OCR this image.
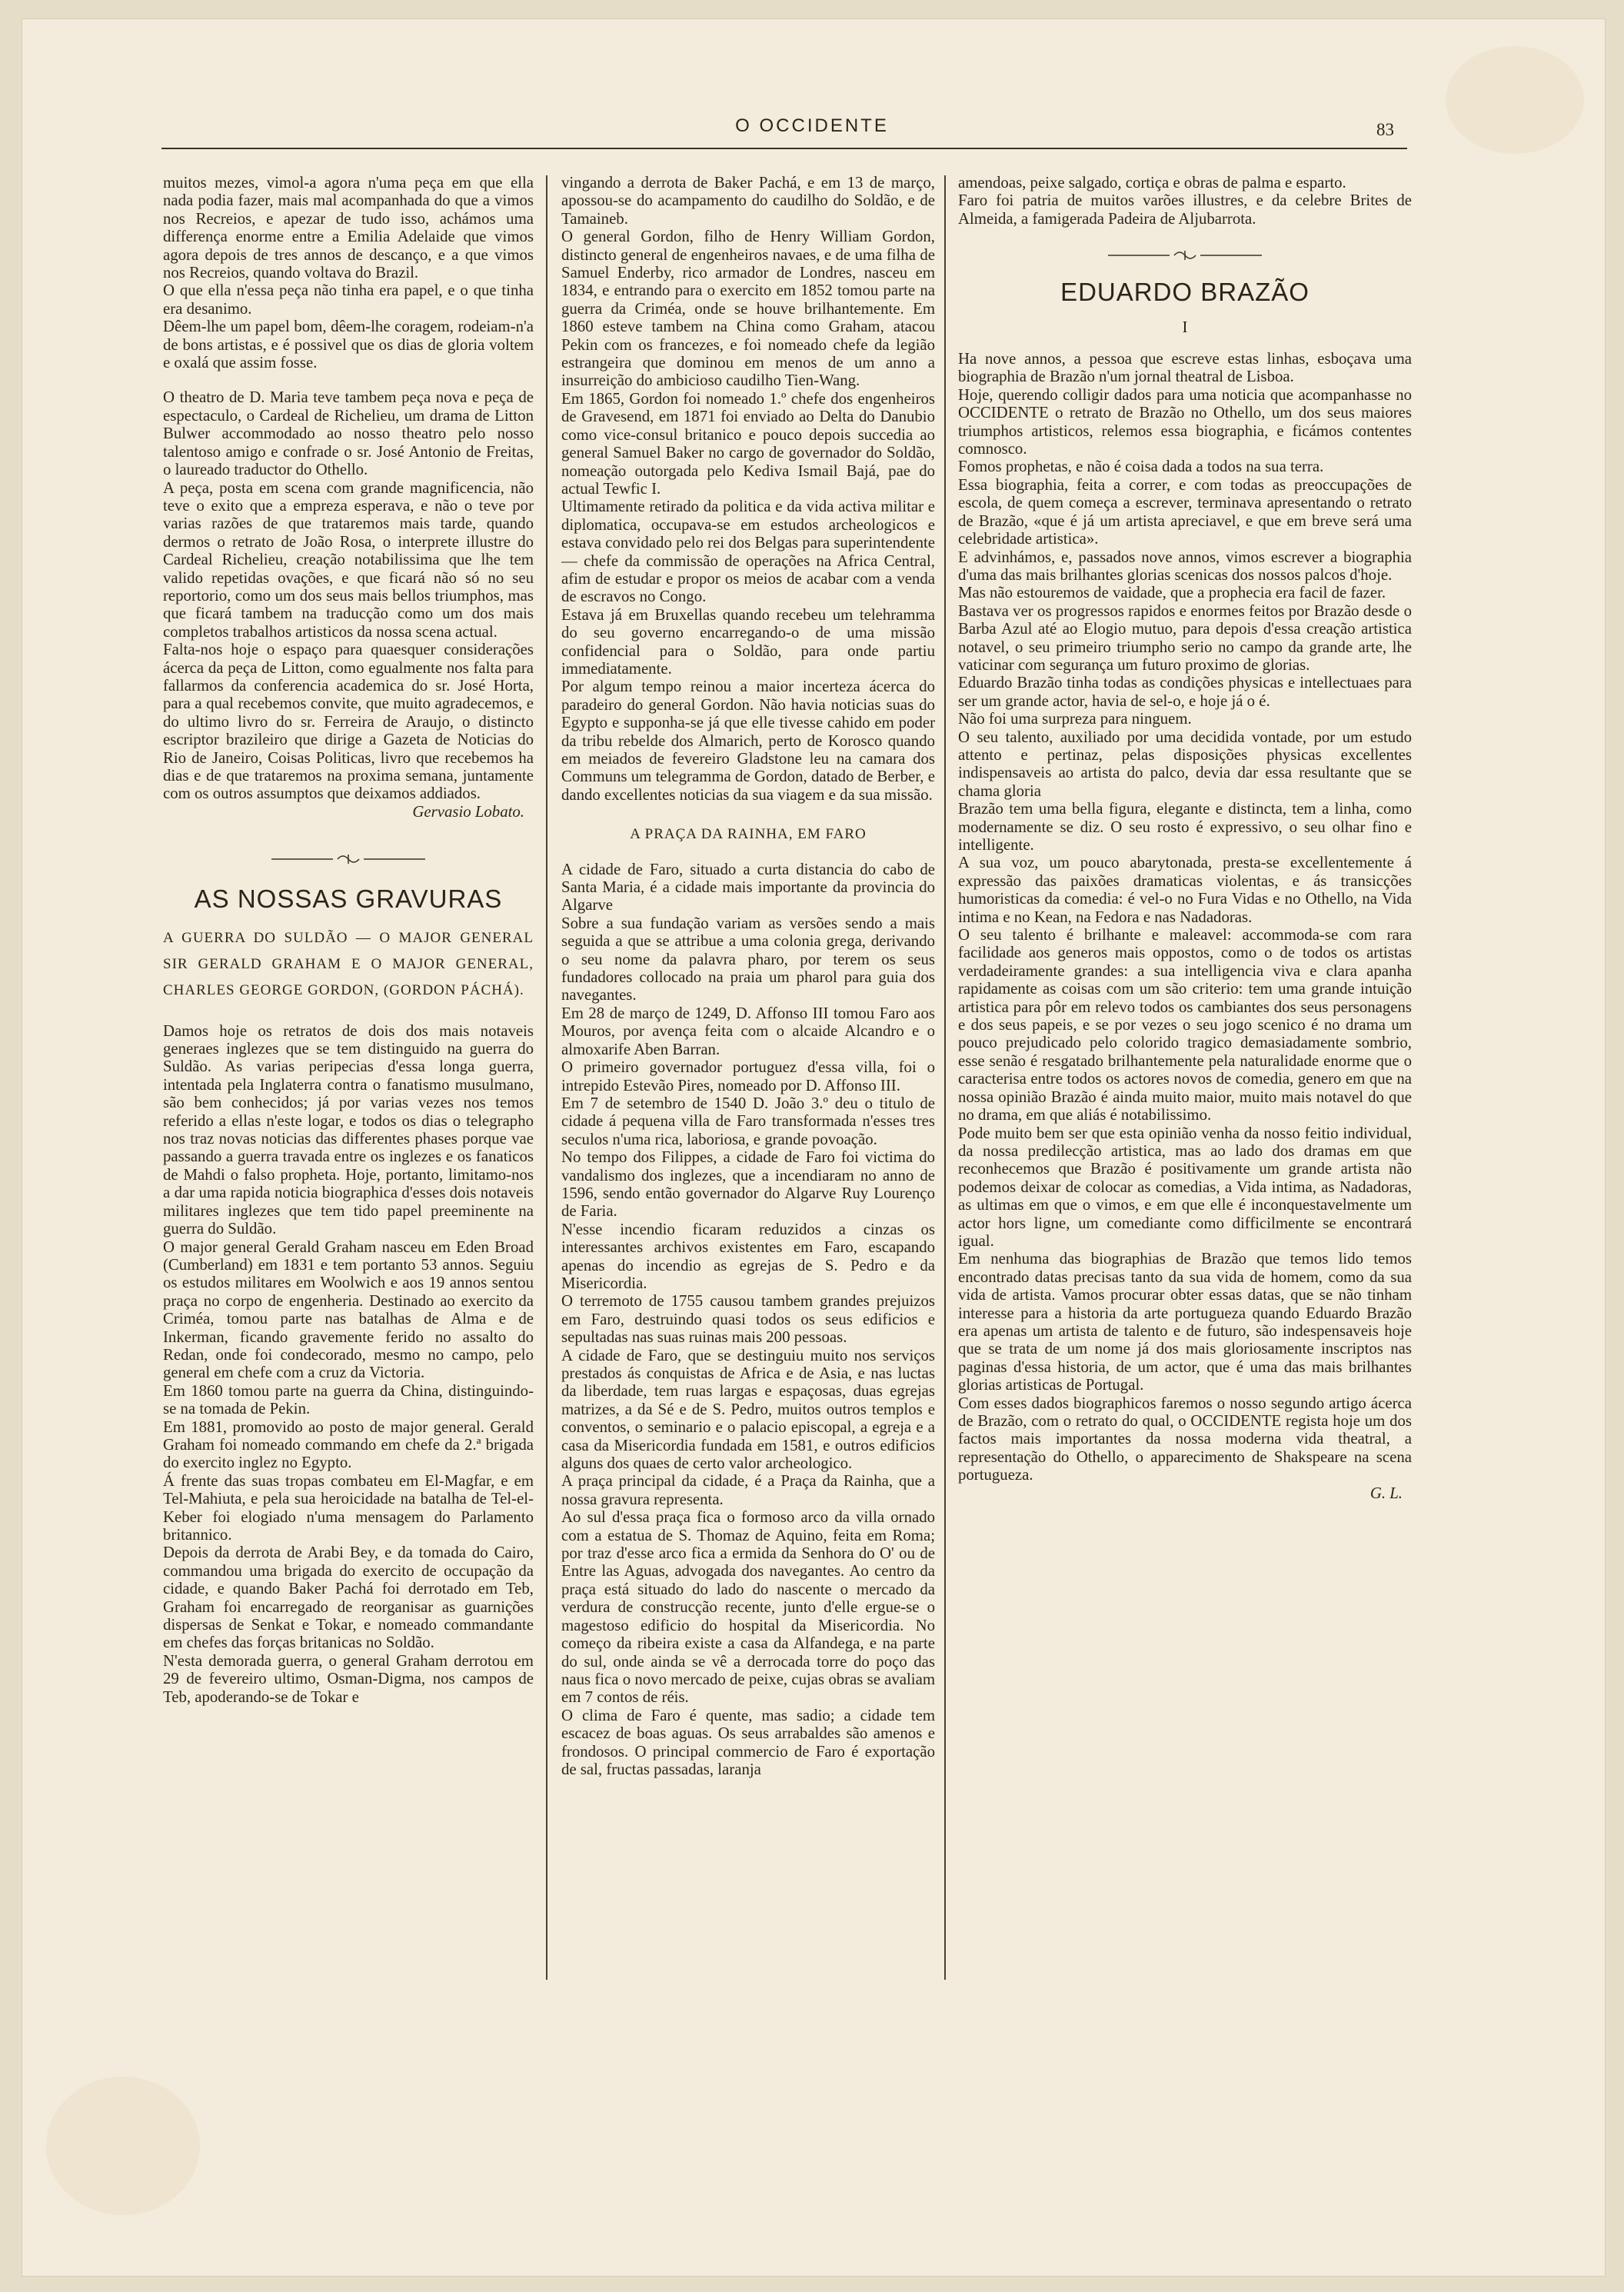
O OCCIDENTE	83

muitos mezes, vimol-a agora n'uma peça em que ella nada podia fazer, mais mal acompanhada do que a vimos nos Recreios, e apezar de tudo isso, achámos uma differença enorme entre a Emilia Adelaide que vimos agora depois de tres annos de descanço, e a que vimos nos Recreios, quando voltava do Brazil.

O que ella n'essa peça não tinha era papel, e o que tinha era desanimo.

Dêem-lhe um papel bom, dêem-lhe coragem, rodeiam-n'a de bons artistas, e é possivel que os dias de gloria voltem e oxalá que assim fosse.

O theatro de D. Maria teve tambem peça nova e peça de espectaculo, o Cardeal de Richelieu, um drama de Litton Bulwer accommodado ao nosso theatro pelo nosso talentoso amigo e confrade o sr. José Antonio de Freitas, o laureado traductor do Othello.

A peça, posta em scena com grande magnificencia, não teve o exito que a empreza esperava, e não o teve por varias razões de que trataremos mais tarde, quando dermos o retrato de João Rosa, o interprete illustre do Cardeal Richelieu, creação notabilissima que lhe tem valido repetidas ovações, e que ficará não só no seu reportorio, como um dos seus mais bellos triumphos, mas que ficará tambem na traducção como um dos mais completos trabalhos artisticos da nossa scena actual.

Falta-nos hoje o espaço para quaesquer considerações ácerca da peça de Litton, como egualmente nos falta para fallarmos da conferencia academica do sr. José Horta, para a qual recebemos convite, que muito agradecemos, e do ultimo livro do sr. Ferreira de Araujo, o distincto escriptor brazileiro que dirige a Gazeta de Noticias do Rio de Janeiro, Coisas Politicas, livro que recebemos ha dias e de que trataremos na proxima semana, juntamente com os outros assumptos que deixamos addiados.

Gervasio Lobato.

AS NOSSAS GRAVURAS
A GUERRA DO SULDÃO — O MAJOR GENERAL SIR GERALD GRAHAM E O MAJOR GENERAL, CHARLES GEORGE GORDON, (GORDON PÁCHÁ).

Damos hoje os retratos de dois dos mais notaveis generaes inglezes que se tem distinguido na guerra do Suldão. As varias peripecias d'essa longa guerra, intentada pela Inglaterra contra o fanatismo musulmano, são bem conhecidos; já por varias vezes nos temos referido a ellas n'este logar, e todos os dias o telegrapho nos traz novas noticias das differentes phases porque vae passando a guerra travada entre os inglezes e os fanaticos de Mahdi o falso propheta. Hoje, portanto, limitamo-nos a dar uma rapida noticia biographica d'esses dois notaveis militares inglezes que tem tido papel preeminente na guerra do Suldão.

O major general Gerald Graham nasceu em Eden Broad (Cumberland) em 1831 e tem portanto 53 annos. Seguiu os estudos militares em Woolwich e aos 19 annos sentou praça no corpo de engenheria. Destinado ao exercito da Criméa, tomou parte nas batalhas de Alma e de Inkerman, ficando gravemente ferido no assalto do Redan, onde foi condecorado, mesmo no campo, pelo general em chefe com a cruz da Victoria.

Em 1860 tomou parte na guerra da China, distinguindo-se na tomada de Pekin.

Em 1881, promovido ao posto de major general. Gerald Graham foi nomeado commando em chefe da 2.ª brigada do exercito inglez no Egypto.

Á frente das suas tropas combateu em El-Magfar, e em Tel-Mahiuta, e pela sua heroicidade na batalha de Tel-el-Keber foi elogiado n'uma mensagem do Parlamento britannico.

Depois da derrota de Arabi Bey, e da tomada do Cairo, commandou uma brigada do exercito de occupação da cidade, e quando Baker Pachá foi derrotado em Teb, Graham foi encarregado de reorganisar as guarnições dispersas de Senkat e Tokar, e nomeado commandante em chefes das forças britanicas no Soldão.

N'esta demorada guerra, o general Graham derrotou em 29 de fevereiro ultimo, Osman-Digma, nos campos de Teb, apoderando-se de Tokar e

vingando a derrota de Baker Pachá, e em 13 de março, apossou-se do acampamento do caudilho do Soldão, e de Tamaineb.

O general Gordon, filho de Henry William Gordon, distincto general de engenheiros navaes, e de uma filha de Samuel Enderby, rico armador de Londres, nasceu em 1834, e entrando para o exercito em 1852 tomou parte na guerra da Criméa, onde se houve brilhantemente. Em 1860 esteve tambem na China como Graham, atacou Pekin com os francezes, e foi nomeado chefe da legião estrangeira que dominou em menos de um anno a insurreição do ambicioso caudilho Tien-Wang.

Em 1865, Gordon foi nomeado 1.º chefe dos engenheiros de Gravesend, em 1871 foi enviado ao Delta do Danubio como vice-consul britanico e pouco depois succedia ao general Samuel Baker no cargo de governador do Soldão, nomeação outorgada pelo Kediva Ismail Bajá, pae do actual Tewfic I.

Ultimamente retirado da politica e da vida activa militar e diplomatica, occupava-se em estudos archeologicos e estava convidado pelo rei dos Belgas para superintendente — chefe da commissão de operações na Africa Central, afim de estudar e propor os meios de acabar com a venda de escravos no Congo.

Estava já em Bruxellas quando recebeu um telehramma do seu governo encarregando-o de uma missão confidencial para o Soldão, para onde partiu immediatamente.

Por algum tempo reinou a maior incerteza ácerca do paradeiro do general Gordon. Não havia noticias suas do Egypto e supponha-se já que elle tivesse cahido em poder da tribu rebelde dos Almarich, perto de Korosco quando em meiados de fevereiro Gladstone leu na camara dos Communs um telegramma de Gordon, datado de Berber, e dando excellentes noticias da sua viagem e da sua missão.

A PRAÇA DA RAINHA, EM FARO

A cidade de Faro, situado a curta distancia do cabo de Santa Maria, é a cidade mais importante da provincia do Algarve

Sobre a sua fundação variam as versões sendo a mais seguida a que se attribue a uma colonia grega, derivando o seu nome da palavra pharo, por terem os seus fundadores collocado na praia um pharol para guia dos navegantes.

Em 28 de março de 1249, D. Affonso III tomou Faro aos Mouros, por avença feita com o alcaide Alcandro e o almoxarife Aben Barran.

O primeiro governador portuguez d'essa villa, foi o intrepido Estevão Pires, nomeado por D. Affonso III.

Em 7 de setembro de 1540 D. João 3.º deu o titulo de cidade á pequena villa de Faro transformada n'esses tres seculos n'uma rica, laboriosa, e grande povoação.

No tempo dos Filippes, a cidade de Faro foi victima do vandalismo dos inglezes, que a incendiaram no anno de 1596, sendo então governador do Algarve Ruy Lourenço de Faria.

N'esse incendio ficaram reduzidos a cinzas os interessantes archivos existentes em Faro, escapando apenas do incendio as egrejas de S. Pedro e da Misericordia.

O terremoto de 1755 causou tambem grandes prejuizos em Faro, destruindo quasi todos os seus edificios e sepultadas nas suas ruinas mais 200 pessoas.

A cidade de Faro, que se destinguiu muito nos serviços prestados ás conquistas de Africa e de Asia, e nas luctas da liberdade, tem ruas largas e espaçosas, duas egrejas matrizes, a da Sé e de S. Pedro, muitos outros templos e conventos, o seminario e o palacio episcopal, a egreja e a casa da Misericordia fundada em 1581, e outros edificios alguns dos quaes de certo valor archeologico.

A praça principal da cidade, é a Praça da Rainha, que a nossa gravura representa.

Ao sul d'essa praça fica o formoso arco da villa ornado com a estatua de S. Thomaz de Aquino, feita em Roma; por traz d'esse arco fica a ermida da Senhora do O' ou de Entre las Aguas, advogada dos navegantes. Ao centro da praça está situado do lado do nascente o mercado da verdura de construcção recente, junto d'elle ergue-se o magestoso edificio do hospital da Misericordia. No começo da ribeira existe a casa da Alfandega, e na parte do sul, onde ainda se vê a derrocada torre do poço das naus fica o novo mercado de peixe, cujas obras se avaliam em 7 contos de réis.

O clima de Faro é quente, mas sadio; a cidade tem escacez de boas aguas. Os seus arrabaldes são amenos e frondosos. O principal commercio de Faro é exportação de sal, fructas passadas, laranja

amendoas, peixe salgado, cortiça e obras de palma e esparto.

Faro foi patria de muitos varões illustres, e da celebre Brites de Almeida, a famigerada Padeira de Aljubarrota.

EDUARDO BRAZÃO
I

Ha nove annos, a pessoa que escreve estas linhas, esboçava uma biographia de Brazão n'um jornal theatral de Lisboa.

Hoje, querendo colligir dados para uma noticia que acompanhasse no OCCIDENTE o retrato de Brazão no Othello, um dos seus maiores triumphos artisticos, relemos essa biographia, e ficámos contentes comnosco.

Fomos prophetas, e não é coisa dada a todos na sua terra.

Essa biographia, feita a correr, e com todas as preoccupações de escola, de quem começa a escrever, terminava apresentando o retrato de Brazão, «que é já um artista apreciavel, e que em breve será uma celebridade artistica».

E advinhámos, e, passados nove annos, vimos escrever a biographia d'uma das mais brilhantes glorias scenicas dos nossos palcos d'hoje.

Mas não estouremos de vaidade, que a prophecia era facil de fazer.

Bastava ver os progressos rapidos e enormes feitos por Brazão desde o Barba Azul até ao Elogio mutuo, para depois d'essa creação artistica notavel, o seu primeiro triumpho serio no campo da grande arte, lhe vaticinar com segurança um futuro proximo de glorias.

Eduardo Brazão tinha todas as condições physicas e intellectuaes para ser um grande actor, havia de sel-o, e hoje já o é.

Não foi uma surpreza para ninguem.

O seu talento, auxiliado por uma decidida vontade, por um estudo attento e pertinaz, pelas disposições physicas excellentes indispensaveis ao artista do palco, devia dar essa resultante que se chama gloria

Brazão tem uma bella figura, elegante e distincta, tem a linha, como modernamente se diz. O seu rosto é expressivo, o seu olhar fino e intelligente.

A sua voz, um pouco abarytonada, presta-se excellentemente á expressão das paixões dramaticas violentas, e ás transicções humoristicas da comedia: é vel-o no Fura Vidas e no Othello, na Vida intima e no Kean, na Fedora e nas Nadadoras.

O seu talento é brilhante e maleavel: accommoda-se com rara facilidade aos generos mais oppostos, como o de todos os artistas verdadeiramente grandes: a sua intelligencia viva e clara apanha rapidamente as coisas com um são criterio: tem uma grande intuição artistica para pôr em relevo todos os cambiantes dos seus personagens e dos seus papeis, e se por vezes o seu jogo scenico é no drama um pouco prejudicado pelo colorido tragico demasiadamente sombrio, esse senão é resgatado brilhantemente pela naturalidade enorme que o caracterisa entre todos os actores novos de comedia, genero em que na nossa opinião Brazão é ainda muito maior, muito mais notavel do que no drama, em que aliás é notabilissimo.

Pode muito bem ser que esta opinião venha da nosso feitio individual, da nossa predilecção artistica, mas ao lado dos dramas em que reconhecemos que Brazão é positivamente um grande artista não podemos deixar de colocar as comedias, a Vida intima, as Nadadoras, as ultimas em que o vimos, e em que elle é inconquestavelmente um actor hors ligne, um comediante como difficilmente se encontrará igual.

Em nenhuma das biographias de Brazão que temos lido temos encontrado datas precisas tanto da sua vida de homem, como da sua vida de artista. Vamos procurar obter essas datas, que se não tinham interesse para a historia da arte portugueza quando Eduardo Brazão era apenas um artista de talento e de futuro, são indespensaveis hoje que se trata de um nome já dos mais gloriosamente inscriptos nas paginas d'essa historia, de um actor, que é uma das mais brilhantes glorias artisticas de Portugal.

Com esses dados biographicos faremos o nosso segundo artigo ácerca de Brazão, com o retrato do qual, o OCCIDENTE regista hoje um dos factos mais importantes da nossa moderna vida theatral, a representação do Othello, o apparecimento de Shakspeare na scena portugueza.

G. L.
